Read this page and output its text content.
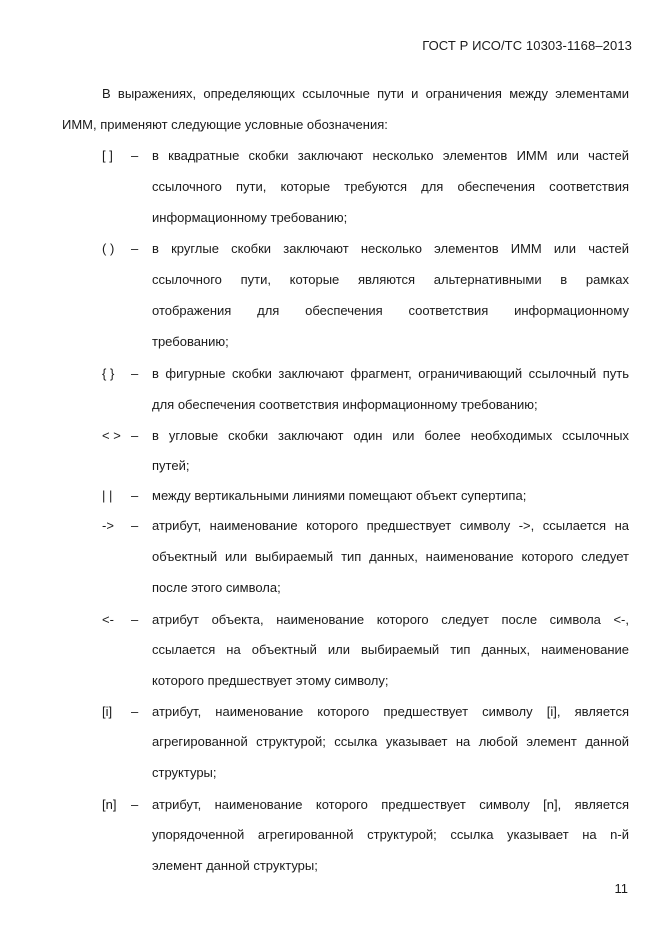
ГОСТ Р ИСО/ТС 10303-1168–2013
В выражениях, определяющих ссылочные пути и ограничения между элементами
ИММ, применяют следующие условные обозначения:
[ ] – в квадратные скобки заключают несколько элементов ИММ или частей
ссылочного пути, которые требуются для обеспечения соответствия
информационному требованию;
( ) – в круглые скобки заключают несколько элементов ИММ или частей
ссылочного пути, которые являются альтернативными в рамках
отображения для обеспечения соответствия информационному
требованию;
{ } – в фигурные скобки заключают фрагмент, ограничивающий ссылочный путь
для обеспечения соответствия информационному требованию;
< > – в угловые скобки заключают один или более необходимых ссылочных
путей;
| | – между вертикальными линиями помещают объект супертипа;
-> – атрибут, наименование которого предшествует символу ->, ссылается на
объектный или выбираемый тип данных, наименование которого следует
после этого символа;
<- – атрибут объекта, наименование которого следует после символа <-,
ссылается на объектный или выбираемый тип данных, наименование
которого предшествует этому символу;
[i] – атрибут, наименование которого предшествует символу [i], является
агрегированной структурой; ссылка указывает на любой элемент данной
структуры;
[n] – атрибут, наименование которого предшествует символу [n], является
упорядоченной агрегированной структурой; ссылка указывает на n-й
элемент данной структуры;
11
